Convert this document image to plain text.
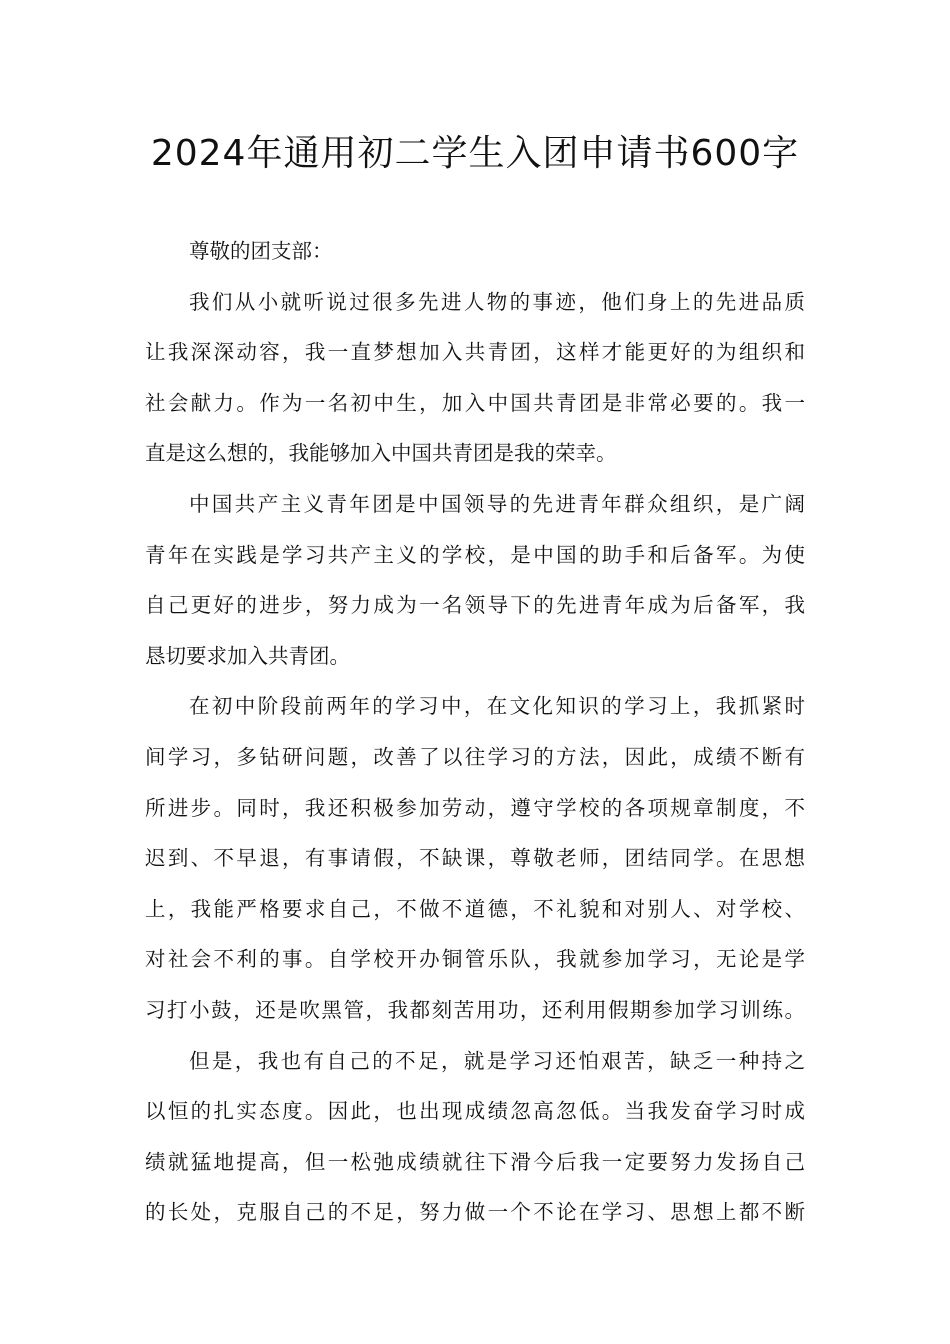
2024年通用初二学生入团申请书600字
尊敬的团支部：
我们从小就听说过很多先进人物的事迹，他们身上的先进品质
让我深深动容，我一直梦想加入共青团，这样才能更好的为组织和
社会献力。作为一名初中生，加入中国共青团是非常必要的。我一
直是这么想的，我能够加入中国共青团是我的荣幸。
中国共产主义青年团是中国领导的先进青年群众组织，是广阔
青年在实践是学习共产主义的学校，是中国的助手和后备军。为使
自己更好的进步，努力成为一名领导下的先进青年成为后备军，我
恳切要求加入共青团。
在初中阶段前两年的学习中，在文化知识的学习上，我抓紧时
间学习，多钻研问题，改善了以往学习的方法，因此，成绩不断有
所进步。同时，我还积极参加劳动，遵守学校的各项规章制度，不
迟到、不早退，有事请假，不缺课，尊敬老师，团结同学。在思想
上，我能严格要求自己，不做不道德，不礼貌和对别人、对学校、
对社会不利的事。自学校开办铜管乐队，我就参加学习，无论是学
习打小鼓，还是吹黑管，我都刻苦用功，还利用假期参加学习训练。
但是，我也有自己的不足，就是学习还怕艰苦，缺乏一种持之
以恒的扎实态度。因此，也出现成绩忽高忽低。当我发奋学习时成
绩就猛地提高，但一松弛成绩就往下滑今后我一定要努力发扬自己
的长处，克服自己的不足，努力做一个不论在学习、思想上都不断
